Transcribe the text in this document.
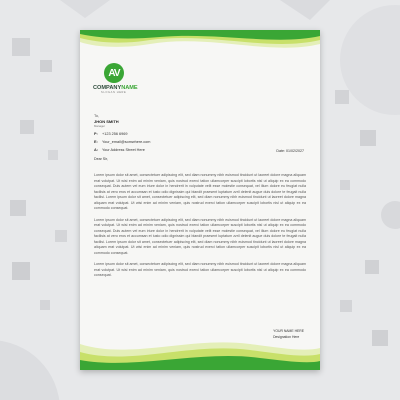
AV
COMPANYNAME
SLOGAN HERE
To,
JHON SMITH
Manager
P: +123 256 6969
E: Your_email@somwhere.com
A: Your Address Street Here	Date: 01/02/2027
Dear Sir,

Lorem ipsum dolor sit amet, consectetuer adipiscing elit, sed diam nonummy nibh euismod tincidunt ut laoreet dolore magna aliquam erat volutpat. Ut wisi enim ad minim veniam, quis nostrud exerci tation ullamcorper suscipit lobortis nisl ut aliquip ex ea commodo consequat. Duis autem vel eum iriure dolor in hendrerit in vulputate velit esse molestie consequat, vel illum dolore eu feugiat nulla facilisis at vero eros et accumsan et iusto odio dignissim qui blandit praesent luptatum zzril delenit augue duis dolore te feugait nulla facilisi. Lorem ipsum dolor sit amet, consectetuer adipiscing elit, sed diam nonummy nibh euismod tincidunt ut laoreet dolore magna aliquam erat volutpat. Ut wisi enim ad minim veniam, quis nostrud exerci tation ullamcorper suscipit lobortis nisl ut aliquip ex ea commodo consequat.

Lorem ipsum dolor sit amet, consectetuer adipiscing elit, sed diam nonummy nibh euismod tincidunt ut laoreet dolore magna aliquam erat volutpat. Ut wisi enim ad minim veniam, quis nostrud exerci tation ullamcorper suscipit lobortis nisl ut aliquip ex ea commodo consequat. Duis autem vel eum iriure dolor in hendrerit in vulputate velit esse molestie consequat, vel illum dolore eu feugiat nulla facilisis at vero eros et accumsan et iusto odio dignissim qui blandit praesent luptatum zzril delenit augue duis dolore te feugait nulla facilisi. Lorem ipsum dolor sit amet, consectetuer adipiscing elit, sed diam nonummy nibh euismod tincidunt ut laoreet dolore magna aliquam erat volutpat. Ut wisi enim ad minim veniam, quis nostrud exerci tation ullamcorper suscipit lobortis nisl ut aliquip ex ea commodo consequat.

Lorem ipsum dolor sit amet, consectetuer adipiscing elit, sed diam nonummy nibh euismod tincidunt ut laoreet dolore magna aliquam erat volutpat. Ut wisi enim ad minim veniam, quis nostrud exerci tation ullamcorper suscipit lobortis nisl ut aliquip ex ea commodo consequat.

YOUR NAME HERE
Designation Here
